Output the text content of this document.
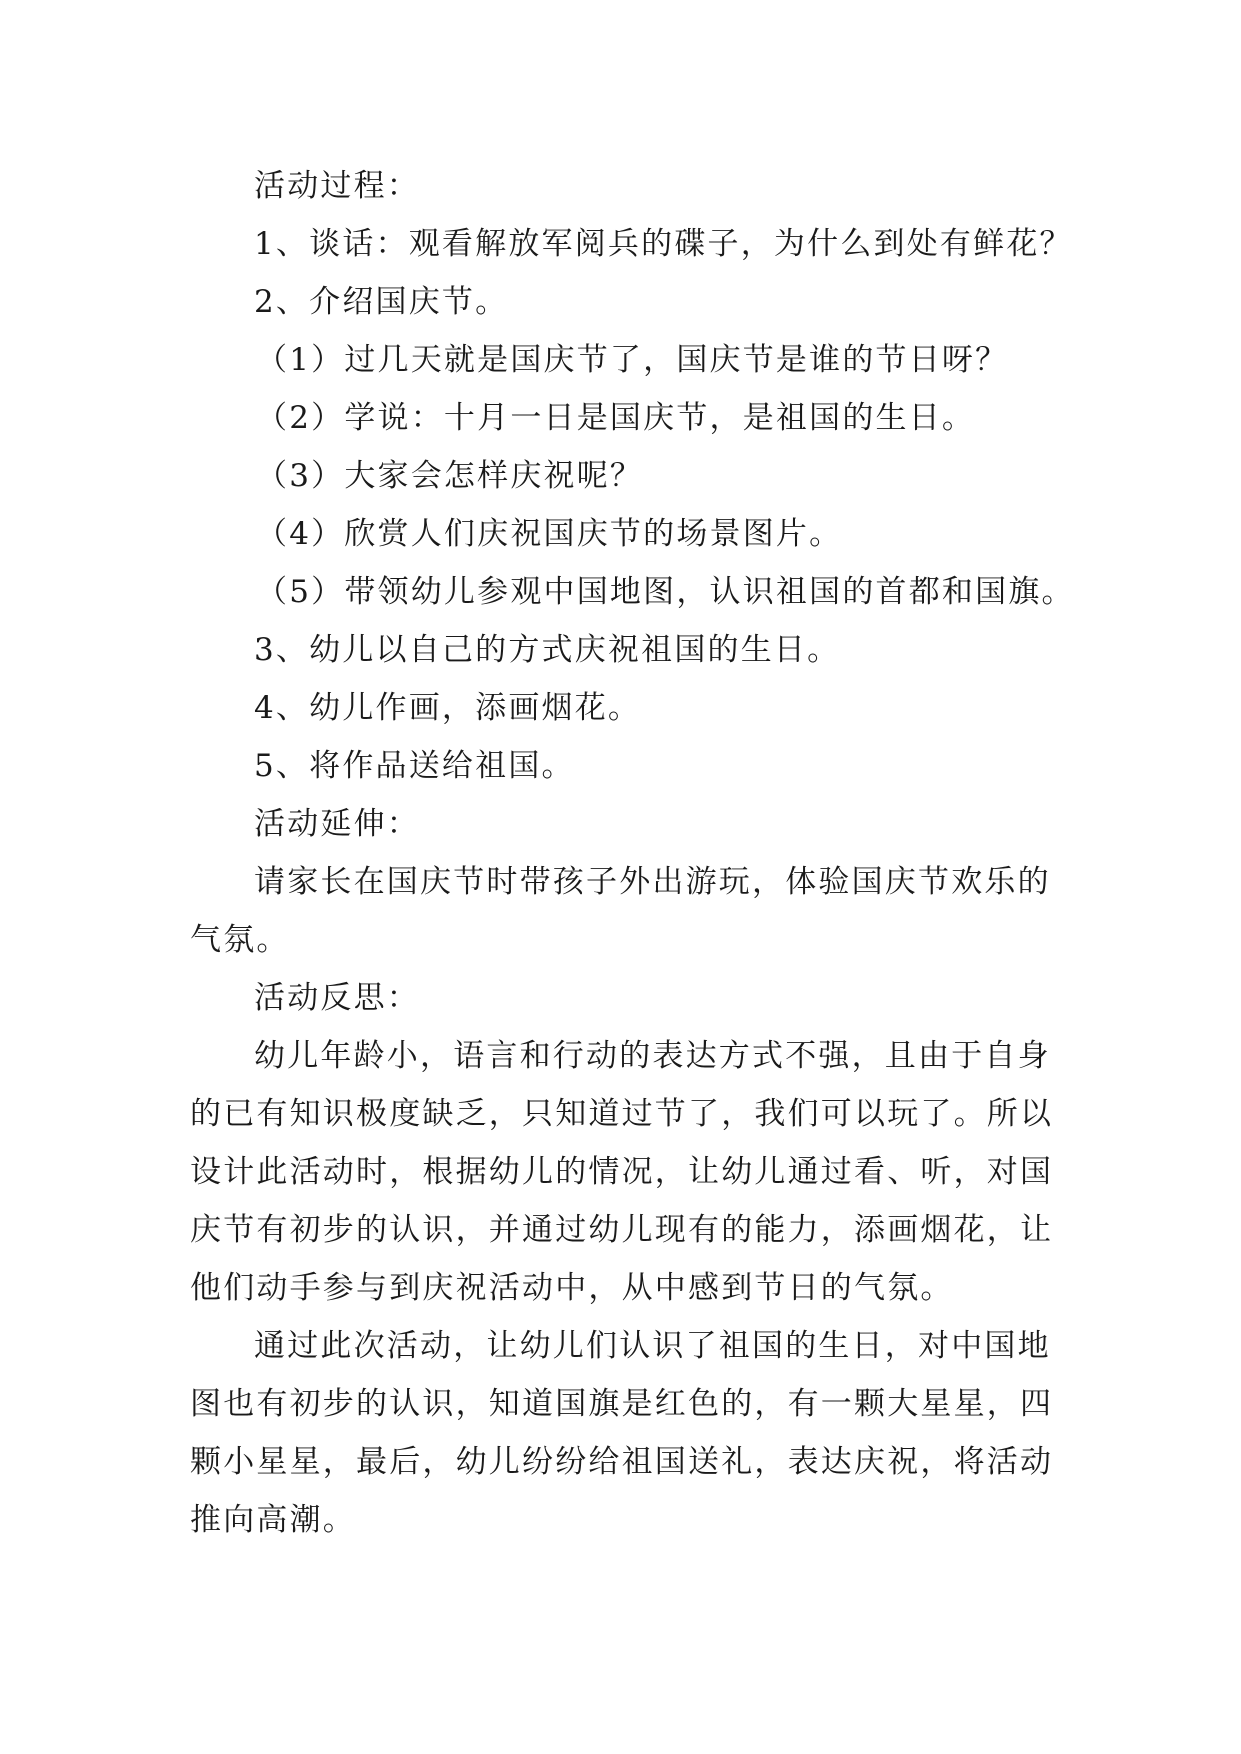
活动过程：
1、谈话：观看解放军阅兵的碟子，为什么到处有鲜花？
2、介绍国庆节。
（1）过几天就是国庆节了，国庆节是谁的节日呀？
（2）学说：十月一日是国庆节，是祖国的生日。
（3）大家会怎样庆祝呢？
（4）欣赏人们庆祝国庆节的场景图片。
（5）带领幼儿参观中国地图，认识祖国的首都和国旗。
3、幼儿以自己的方式庆祝祖国的生日。
4、幼儿作画，添画烟花。
5、将作品送给祖国。
活动延伸：
请家长在国庆节时带孩子外出游玩，体验国庆节欢乐的
气氛。
活动反思：
幼儿年龄小，语言和行动的表达方式不强，且由于自身
的已有知识极度缺乏，只知道过节了，我们可以玩了。所以
设计此活动时，根据幼儿的情况，让幼儿通过看、听，对国
庆节有初步的认识，并通过幼儿现有的能力，添画烟花，让
他们动手参与到庆祝活动中，从中感到节日的气氛。
通过此次活动，让幼儿们认识了祖国的生日，对中国地
图也有初步的认识，知道国旗是红色的，有一颗大星星，四
颗小星星，最后，幼儿纷纷给祖国送礼，表达庆祝，将活动
推向高潮。
